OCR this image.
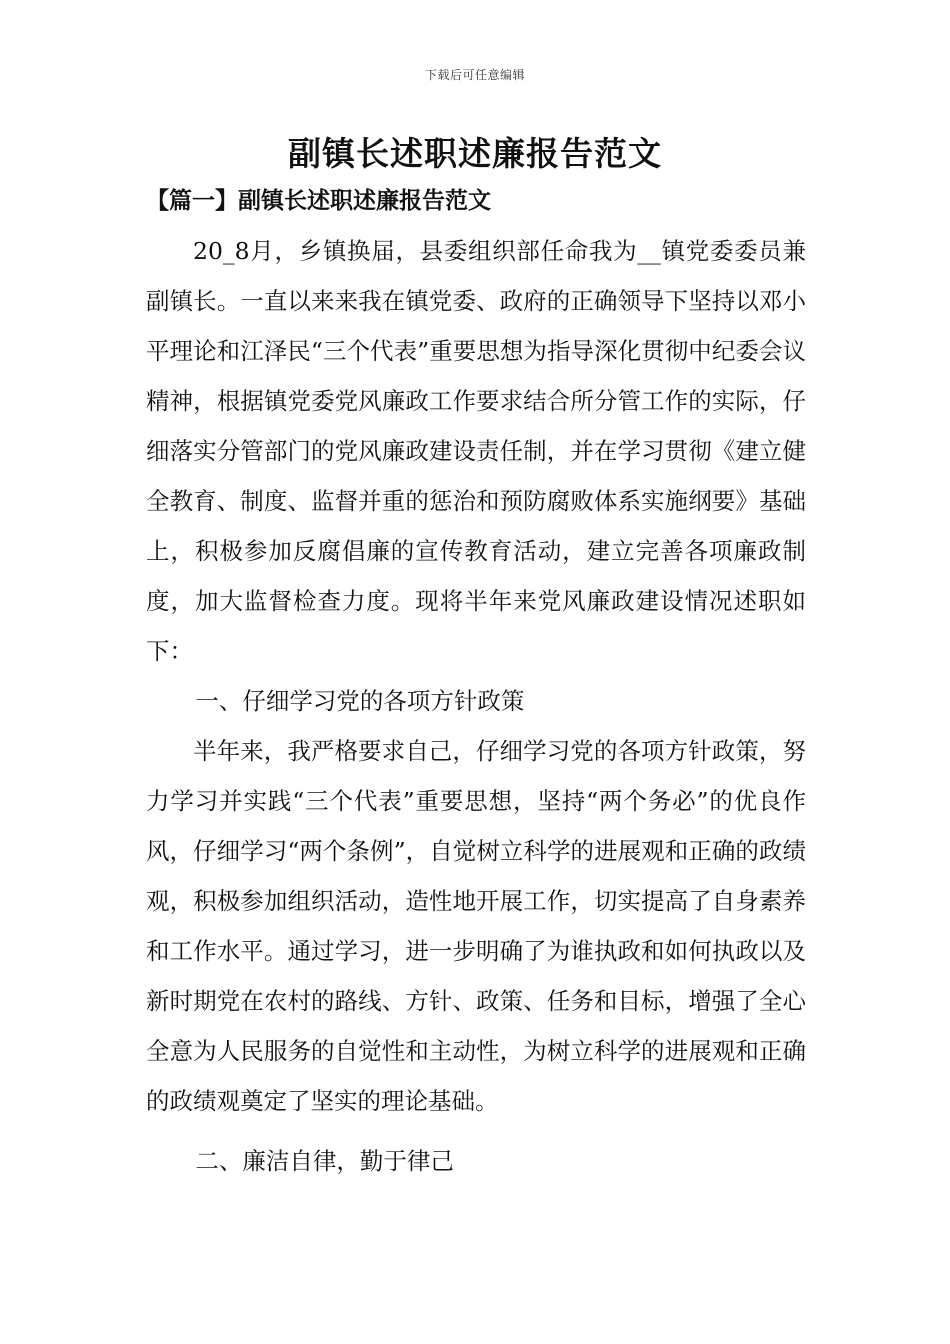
下载后可任意编辑
副镇长述职述廉报告范文
【篇一】副镇长述职述廉报告范文

20_8月，乡镇换届，县委组织部任命我为__镇党委委员兼副镇长。一直以来来我在镇党委、政府的正确领导下坚持以邓小平理论和江泽民“三个代表”重要思想为指导深化贯彻中纪委会议精神，根据镇党委党风廉政工作要求结合所分管工作的实际，仔细落实分管部门的党风廉政建设责任制，并在学习贯彻《建立健全教育、制度、监督并重的惩治和预防腐败体系实施纲要》基础上，积极参加反腐倡廉的宣传教育活动，建立完善各项廉政制度，加大监督检查力度。现将半年来党风廉政建设情况述职如下：

一、仔细学习党的各项方针政策

半年来，我严格要求自己，仔细学习党的各项方针政策，努力学习并实践“三个代表”重要思想，坚持“两个务必”的优良作风，仔细学习“两个条例”，自觉树立科学的进展观和正确的政绩观，积极参加组织活动，造性地开展工作，切实提高了自身素养和工作水平。通过学习，进一步明确了为谁执政和如何执政以及新时期党在农村的路线、方针、政策、任务和目标，增强了全心全意为人民服务的自觉性和主动性，为树立科学的进展观和正确的政绩观奠定了坚实的理论基础。

二、廉洁自律，勤于律己
